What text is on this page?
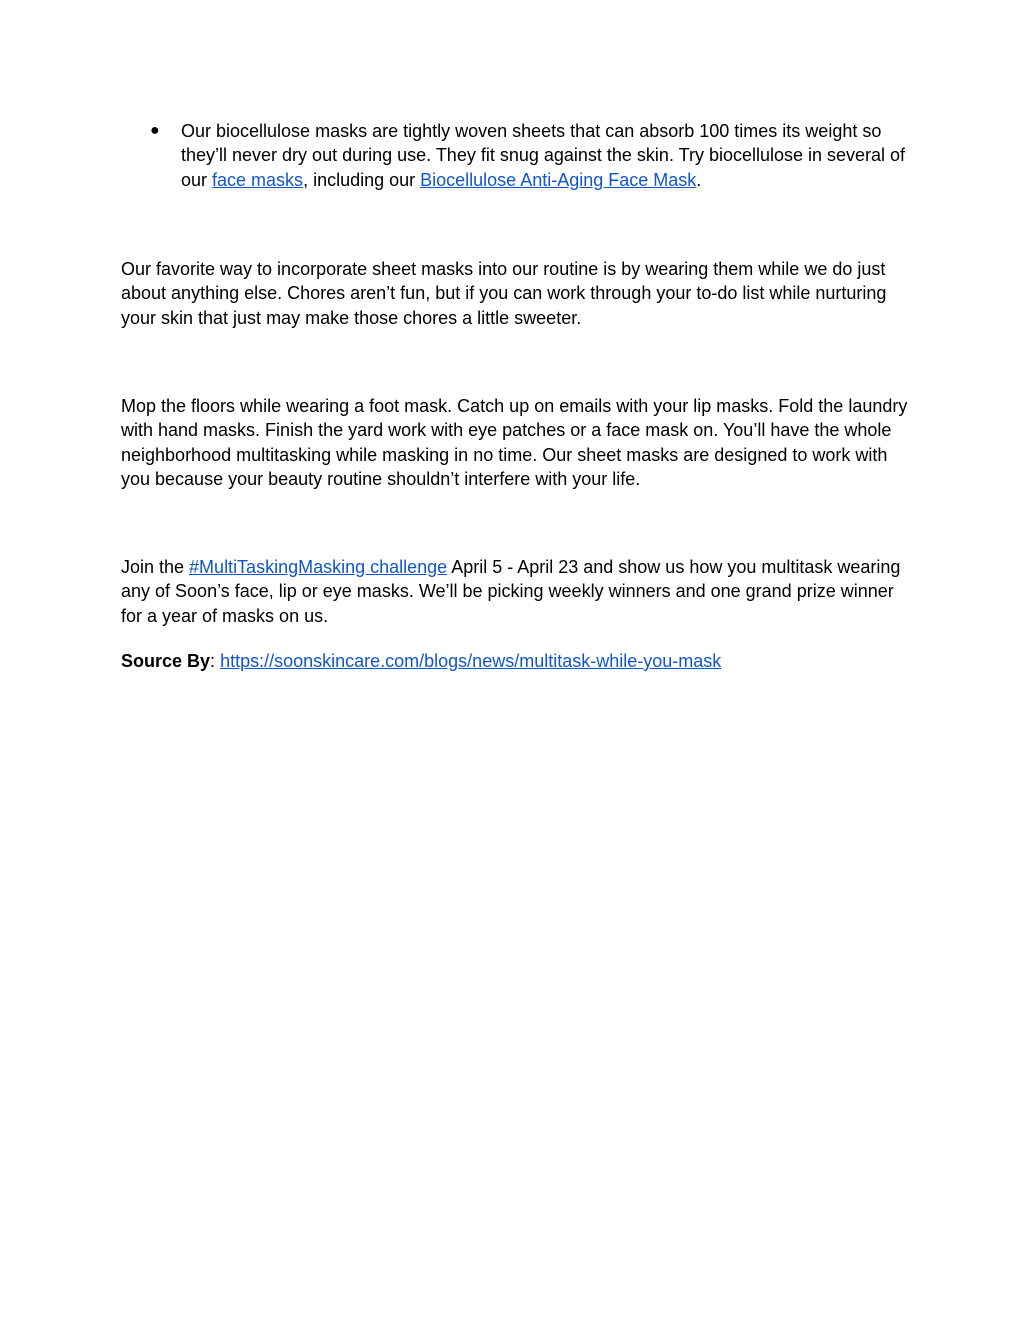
●	Our biocellulose masks are tightly woven sheets that can absorb 100 times its weight so they’ll never dry out during use. They fit snug against the skin. Try biocellulose in several of our face masks, including our Biocellulose Anti-Aging Face Mask.

Our favorite way to incorporate sheet masks into our routine is by wearing them while we do just about anything else. Chores aren’t fun, but if you can work through your to-do list while nurturing your skin that just may make those chores a little sweeter.

Mop the floors while wearing a foot mask. Catch up on emails with your lip masks. Fold the laundry with hand masks. Finish the yard work with eye patches or a face mask on. You’ll have the whole neighborhood multitasking while masking in no time. Our sheet masks are designed to work with you because your beauty routine shouldn’t interfere with your life.

Join the #MultiTaskingMasking challenge April 5 - April 23 and show us how you multitask wearing any of Soon’s face, lip or eye masks. We’ll be picking weekly winners and one grand prize winner for a year of masks on us.

Source By: https://soonskincare.com/blogs/news/multitask-while-you-mask
